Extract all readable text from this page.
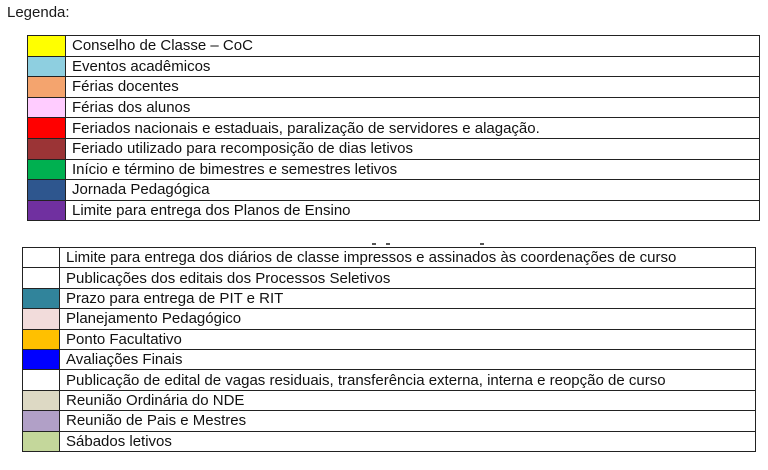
Legenda:
	Conselho de Classe – CoC
	Eventos acadêmicos
	Férias docentes
	Férias dos alunos
	Feriados nacionais e estaduais, paralização de servidores e alagação.
	Feriado utilizado para recomposição de dias letivos
	Início e término de bimestres e semestres letivos
	Jornada Pedagógica
	Limite para entrega dos Planos de Ensino
	Limite para entrega dos diários de classe impressos e assinados às coordenações de curso
	Publicações dos editais dos Processos Seletivos
	Prazo para entrega de PIT e RIT
	Planejamento Pedagógico
	Ponto Facultativo
	Avaliações Finais
	Publicação de edital de vagas residuais, transferência externa, interna e reopção de curso
	Reunião Ordinária do NDE
	Reunião de Pais e Mestres
	Sábados letivos
